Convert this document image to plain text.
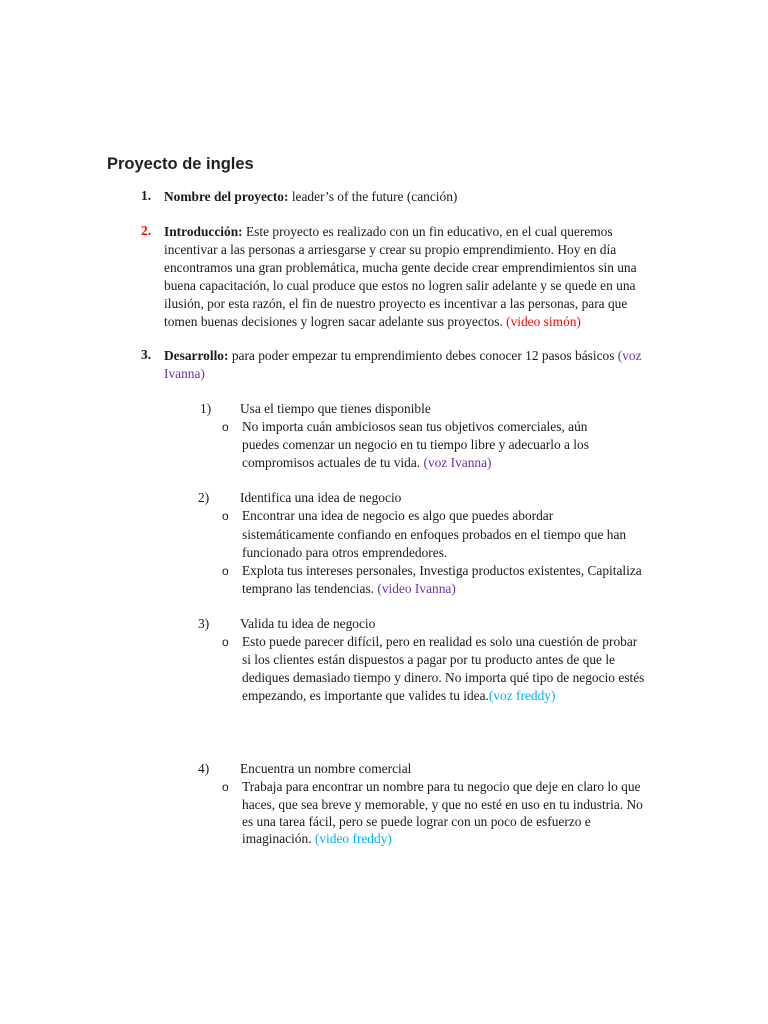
Proyecto de ingles
1. Nombre del proyecto: leader’s of the future (canción)
2. Introducción: Este proyecto es realizado con un fin educativo, en el cual queremos
incentivar a las personas a arriesgarse y crear su propio emprendimiento. Hoy en día
encontramos una gran problemática, mucha gente decide crear emprendimientos sin una
buena capacitación, lo cual produce que estos no logren salir adelante y se quede en una
ilusión, por esta razón, el fin de nuestro proyecto es incentivar a las personas, para que
tomen buenas decisiones y logren sacar adelante sus proyectos. (video simón)
3. Desarrollo: para poder empezar tu emprendimiento debes conocer 12 pasos básicos (voz
Ivanna)
1) Usa el tiempo que tienes disponible
o No importa cuán ambiciosos sean tus objetivos comerciales, aún
puedes comenzar un negocio en tu tiempo libre y adecuarlo a los
compromisos actuales de tu vida. (voz Ivanna)
2) Identifica una idea de negocio
o Encontrar una idea de negocio es algo que puedes abordar
sistemáticamente confiando en enfoques probados en el tiempo que han
funcionado para otros emprendedores.
o Explota tus intereses personales, Investiga productos existentes, Capitaliza
temprano las tendencias. (video Ivanna)
3) Valida tu idea de negocio
o Esto puede parecer difícil, pero en realidad es solo una cuestión de probar
si los clientes están dispuestos a pagar por tu producto antes de que le
dediques demasiado tiempo y dinero. No importa qué tipo de negocio estés
empezando, es importante que valides tu idea.(voz freddy)
4) Encuentra un nombre comercial
o Trabaja para encontrar un nombre para tu negocio que deje en claro lo que
haces, que sea breve y memorable, y que no esté en uso en tu industria. No
es una tarea fácil, pero se puede lograr con un poco de esfuerzo e
imaginación. (video freddy)
